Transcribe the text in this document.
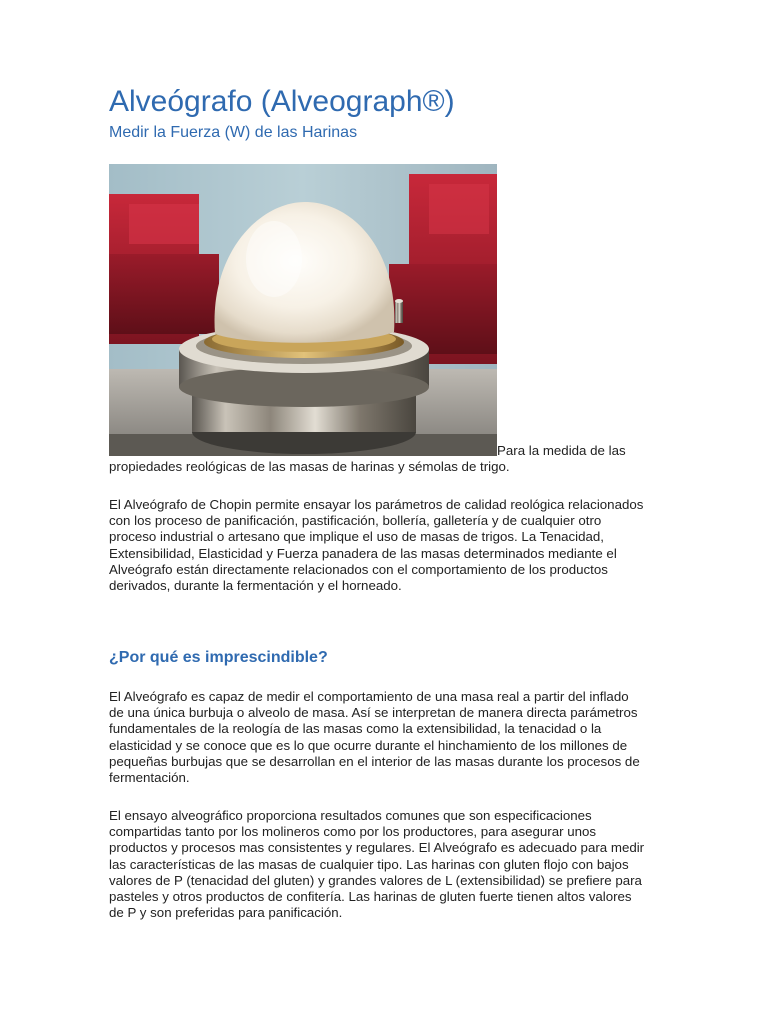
Alveógrafo (Alveograph®)
Medir la Fuerza (W) de las Harinas

Para la medida de las

propiedades reológicas de las masas de harinas y sémolas de trigo.

El Alveógrafo de Chopin permite ensayar los parámetros de calidad reológica relacionados
con los proceso de panificación, pastificación, bollería, galletería y de cualquier otro
proceso industrial o artesano que implique el uso de masas de trigos. La Tenacidad,
Extensibilidad, Elasticidad y Fuerza panadera de las masas determinados mediante el
Alveógrafo están directamente relacionados con el comportamiento de los productos
derivados, durante la fermentación y el horneado.

¿Por qué es imprescindible?

El Alveógrafo es capaz de medir el comportamiento de una masa real a partir del inflado
de una única burbuja o alveolo de masa. Así se interpretan de manera directa parámetros
fundamentales de la reología de las masas como la extensibilidad, la tenacidad o la
elasticidad y se conoce que es lo que ocurre durante el hinchamiento de los millones de
pequeñas burbujas que se desarrollan en el interior de las masas durante los procesos de
fermentación.

El ensayo alveográfico proporciona resultados comunes que son especificaciones
compartidas tanto por los molineros como por los productores, para asegurar unos
productos y procesos mas consistentes y regulares. El Alveógrafo es adecuado para medir
las características de las masas de cualquier tipo. Las harinas con gluten flojo con bajos
valores de P (tenacidad del gluten) y grandes valores de L (extensibilidad) se prefiere para
pasteles y otros productos de confitería. Las harinas de gluten fuerte tienen altos valores
de P y son preferidas para panificación.
